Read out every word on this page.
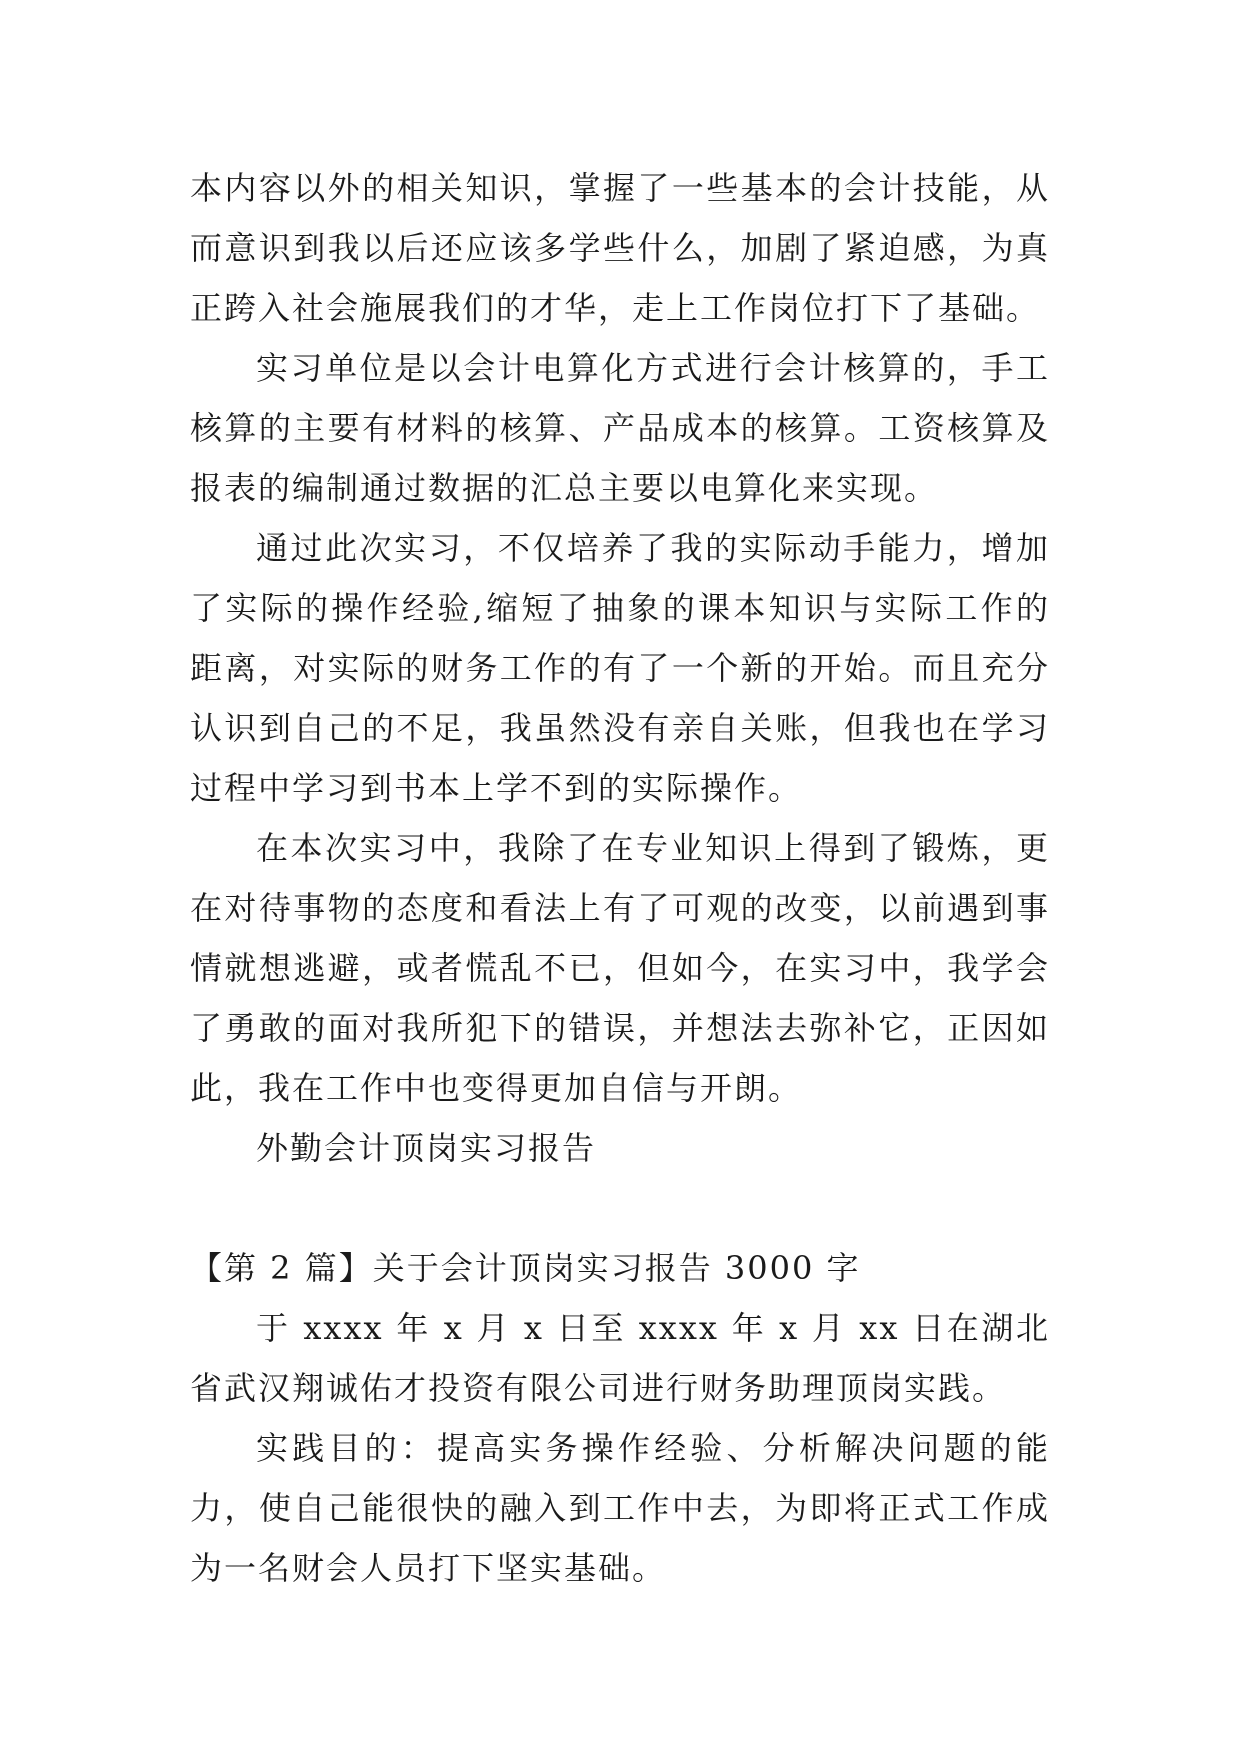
本内容以外的相关知识，掌握了一些基本的会计技能，从而意识到我以后还应该多学些什么，加剧了紧迫感，为真正跨入社会施展我们的才华，走上工作岗位打下了基础。

实习单位是以会计电算化方式进行会计核算的，手工核算的主要有材料的核算、产品成本的核算。工资核算及报表的编制通过数据的汇总主要以电算化来实现。

通过此次实习，不仅培养了我的实际动手能力，增加了实际的操作经验,缩短了抽象的课本知识与实际工作的距离，对实际的财务工作的有了一个新的开始。而且充分认识到自己的不足，我虽然没有亲自关账，但我也在学习过程中学习到书本上学不到的实际操作。

在本次实习中，我除了在专业知识上得到了锻炼，更在对待事物的态度和看法上有了可观的改变，以前遇到事情就想逃避，或者慌乱不已，但如今，在实习中，我学会了勇敢的面对我所犯下的错误，并想法去弥补它，正因如此，我在工作中也变得更加自信与开朗。

外勤会计顶岗实习报告

【第 2 篇】关于会计顶岗实习报告 3000 字

于 xxxx 年 x 月 x 日至 xxxx 年 x 月 xx 日在湖北省武汉翔诚佑才投资有限公司进行财务助理顶岗实践。

实践目的：提高实务操作经验、分析解决问题的能力，使自己能很快的融入到工作中去，为即将正式工作成为一名财会人员打下坚实基础。
